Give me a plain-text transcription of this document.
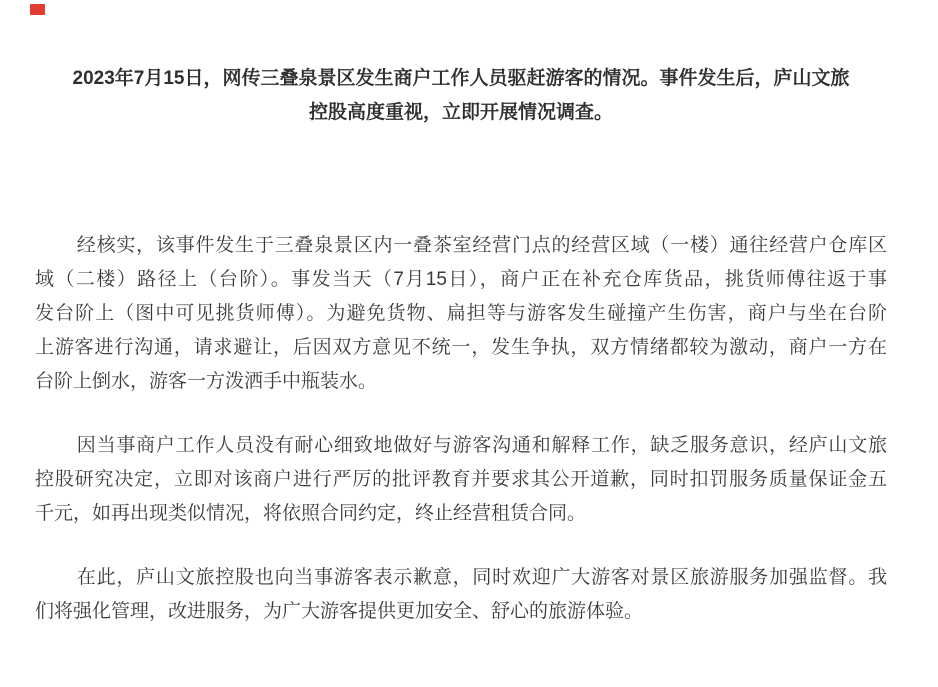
2023年7月15日，网传三叠泉景区发生商户工作人员驱赶游客的情况。事件发生后，庐山文旅
控股高度重视，立即开展情况调查。
经核实，该事件发生于三叠泉景区内一叠茶室经营门点的经营区域（一楼）通往经营户仓库区
域（二楼）路径上（台阶）。事发当天（7月15日），商户正在补充仓库货品，挑货师傅往返于事
发台阶上（图中可见挑货师傅）。为避免货物、扁担等与游客发生碰撞产生伤害，商户与坐在台阶
上游客进行沟通，请求避让，后因双方意见不统一，发生争执，双方情绪都较为激动，商户一方在
台阶上倒水，游客一方泼洒手中瓶装水。
因当事商户工作人员没有耐心细致地做好与游客沟通和解释工作，缺乏服务意识，经庐山文旅
控股研究决定，立即对该商户进行严厉的批评教育并要求其公开道歉，同时扣罚服务质量保证金五
千元，如再出现类似情况，将依照合同约定，终止经营租赁合同。
在此，庐山文旅控股也向当事游客表示歉意，同时欢迎广大游客对景区旅游服务加强监督。我
们将强化管理，改进服务，为广大游客提供更加安全、舒心的旅游体验。
